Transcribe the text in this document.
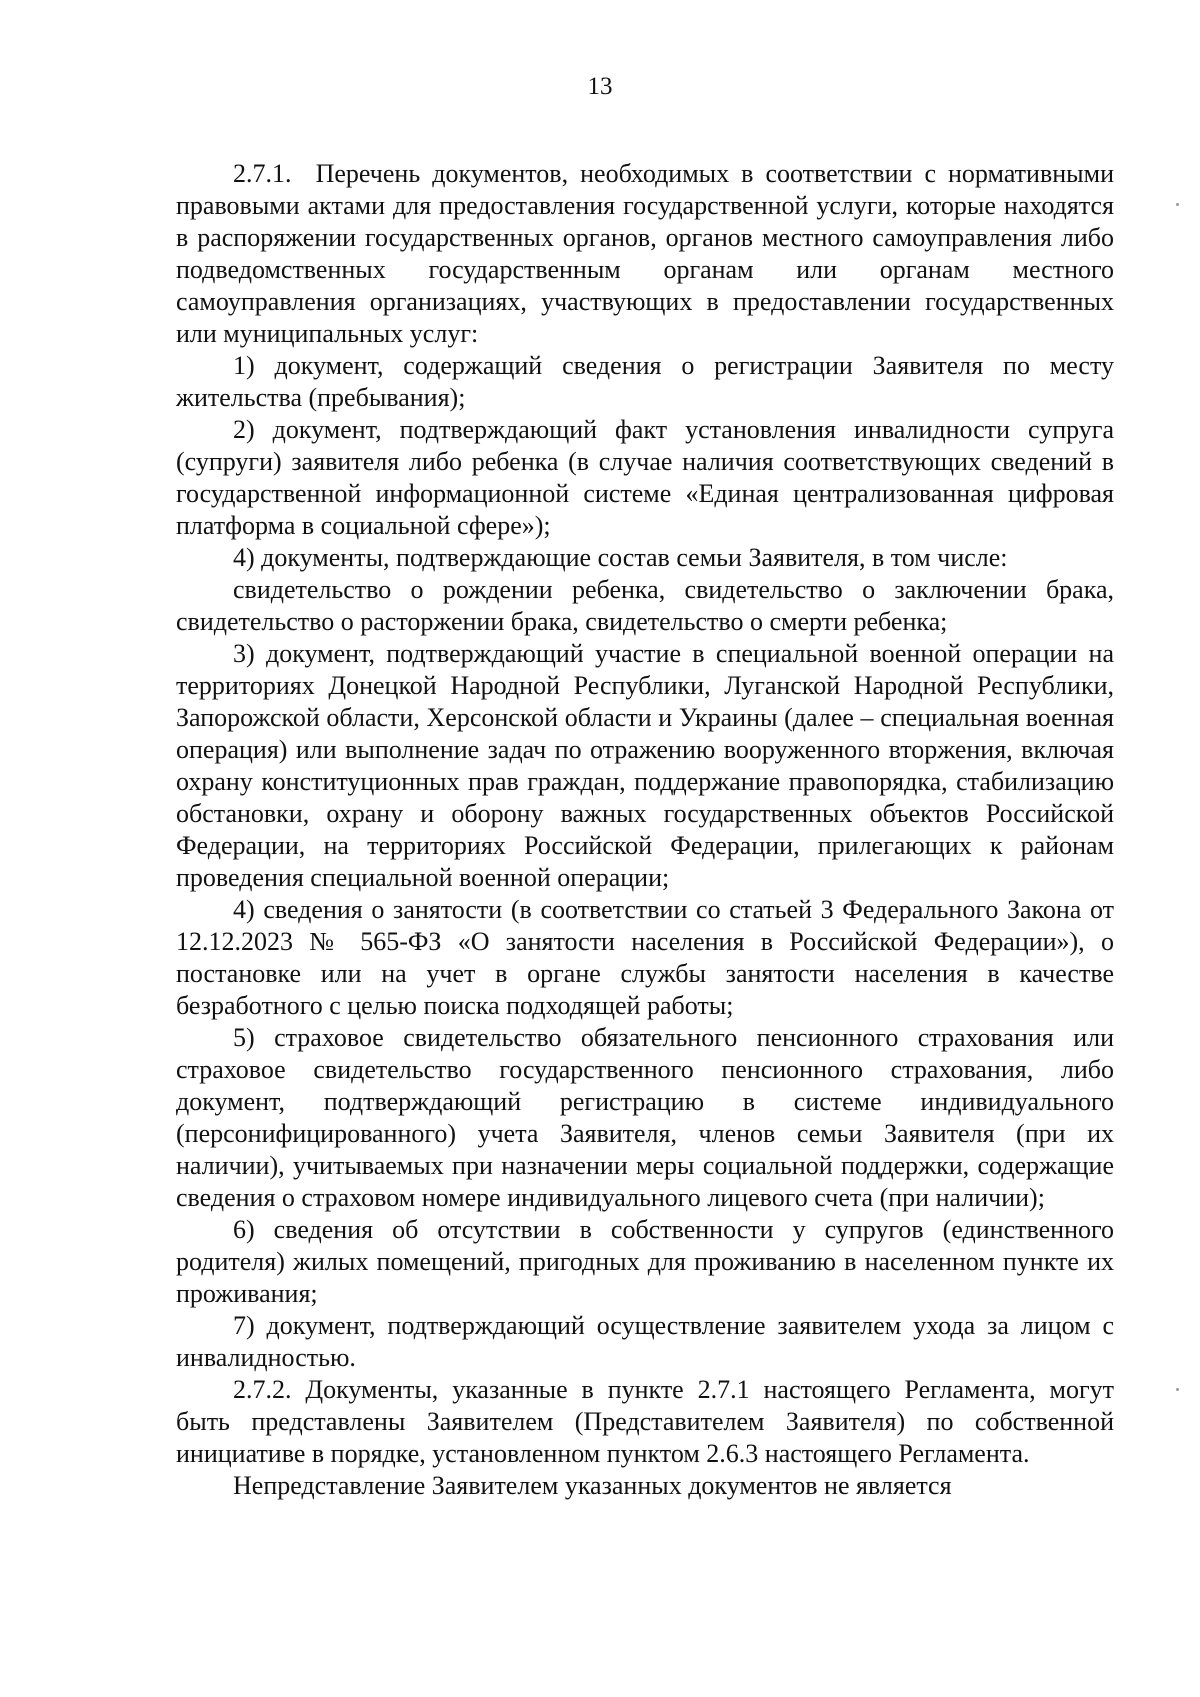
13

2.7.1.  Перечень документов, необходимых в соответствии с нормативными правовыми актами для предоставления государственной услуги, которые находятся в распоряжении государственных органов, органов местного самоуправления либо подведомственных государственным органам или органам местного самоуправления организациях, участвующих в предоставлении государственных или муниципальных услуг:

1) документ, содержащий сведения о регистрации Заявителя по месту жительства (пребывания);

2) документ, подтверждающий факт установления инвалидности супруга (супруги) заявителя либо ребенка (в случае наличия соответствующих сведений в государственной информационной системе «Единая централизованная цифровая платформа в социальной сфере»);

4) документы, подтверждающие состав семьи Заявителя, в том числе:

свидетельство о рождении ребенка, свидетельство о заключении брака, свидетельство о расторжении брака, свидетельство о смерти ребенка;

3) документ, подтверждающий участие в специальной военной операции на территориях Донецкой Народной Республики, Луганской Народной Республики, Запорожской области, Херсонской области и Украины (далее – специальная военная операция) или выполнение задач по отражению вооруженного вторжения, включая охрану конституционных прав граждан, поддержание правопорядка, стабилизацию обстановки, охрану и оборону важных государственных объектов Российской Федерации, на территориях Российской Федерации, прилегающих к районам проведения специальной военной операции;

4) сведения о занятости (в соответствии со статьей 3 Федерального Закона от 12.12.2023 № 565-ФЗ «О занятости населения в Российской Федерации»), о постановке или на учет в органе службы занятости населения в качестве безработного с целью поиска подходящей работы;

5) страховое свидетельство обязательного пенсионного страхования или страховое свидетельство государственного пенсионного страхования, либо документ, подтверждающий регистрацию в системе индивидуального (персонифицированного) учета Заявителя, членов семьи Заявителя (при их наличии), учитываемых при назначении меры социальной поддержки, содержащие сведения о страховом номере индивидуального лицевого счета (при наличии);

6) сведения об отсутствии в собственности у супругов (единственного родителя) жилых помещений, пригодных для проживанию в населенном пункте их проживания;

7) документ, подтверждающий осуществление заявителем ухода за лицом с инвалидностью.

2.7.2. Документы, указанные в пункте 2.7.1 настоящего Регламента, могут быть представлены Заявителем (Представителем Заявителя) по собственной инициативе в порядке, установленном пунктом 2.6.3 настоящего Регламента.

Непредставление Заявителем указанных документов не является
